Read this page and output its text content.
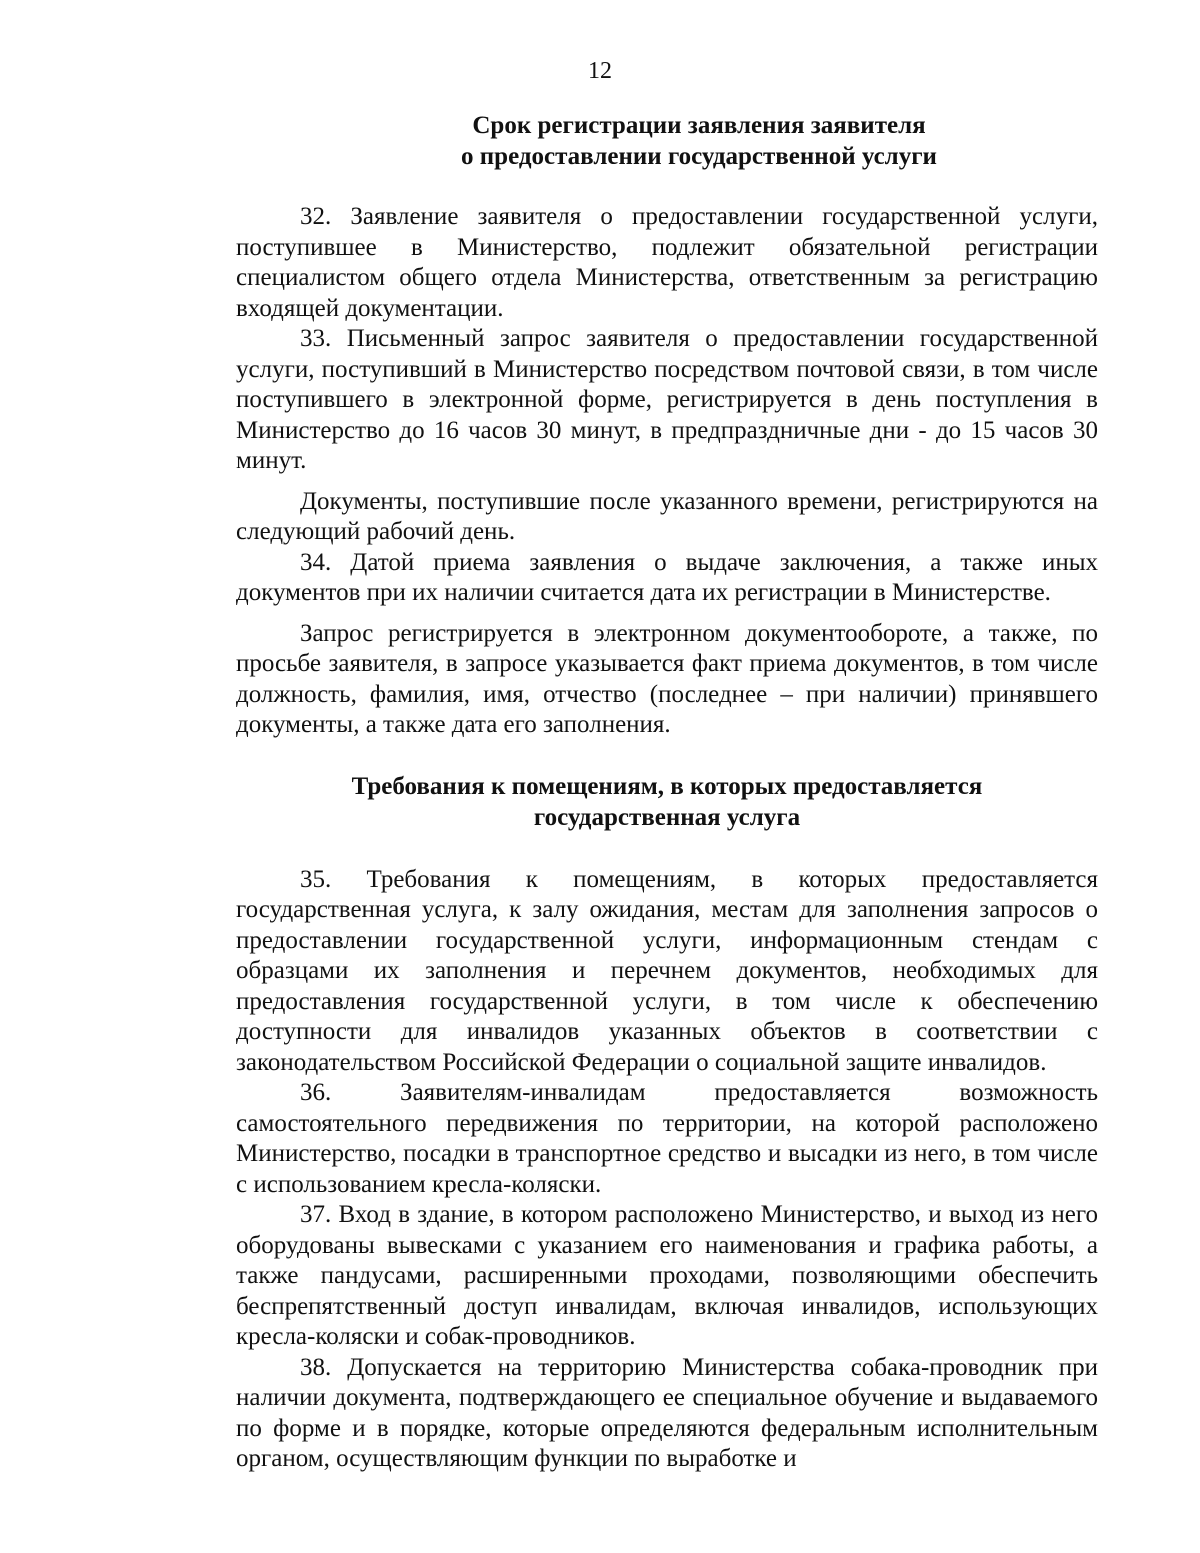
12
Срок регистрации заявления заявителя
о предоставлении государственной услуги

32. Заявление заявителя о предоставлении государственной услуги, поступившее в Министерство, подлежит обязательной регистрации специалистом общего отдела Министерства, ответственным за регистрацию входящей документации.

33. Письменный запрос заявителя о предоставлении государственной услуги, поступивший в Министерство посредством почтовой связи, в том числе поступившего в электронной форме, регистрируется в день поступления в Министерство до 16 часов 30 минут, в предпраздничные дни - до 15 часов 30 минут.

Документы, поступившие после указанного времени, регистрируются на следующий рабочий день.

34. Датой приема заявления о выдаче заключения, а также иных документов при их наличии считается дата их регистрации в Министерстве.

Запрос регистрируется в электронном документообороте, а также, по просьбе заявителя, в запросе указывается факт приема документов, в том числе должность, фамилия, имя, отчество (последнее – при наличии) принявшего документы, а также дата его заполнения.

Требования к помещениям, в которых предоставляется
государственная услуга

35. Требования к помещениям, в которых предоставляется государственная услуга, к залу ожидания, местам для заполнения запросов о предоставлении государственной услуги, информационным стендам с образцами их заполнения и перечнем документов, необходимых для предоставления государственной услуги, в том числе к обеспечению доступности для инвалидов указанных объектов в соответствии с законодательством Российской Федерации о социальной защите инвалидов.

36. Заявителям-инвалидам предоставляется возможность самостоятельного передвижения по территории, на которой расположено Министерство, посадки в транспортное средство и высадки из него, в том числе с использованием кресла-коляски.

37. Вход в здание, в котором расположено Министерство, и выход из него оборудованы вывесками с указанием его наименования и графика работы, а также пандусами, расширенными проходами, позволяющими обеспечить беспрепятственный доступ инвалидам, включая инвалидов, использующих кресла-коляски и собак-проводников.

38. Допускается на территорию Министерства собака-проводник при наличии документа, подтверждающего ее специальное обучение и выдаваемого по форме и в порядке, которые определяются федеральным исполнительным органом, осуществляющим функции по выработке и
